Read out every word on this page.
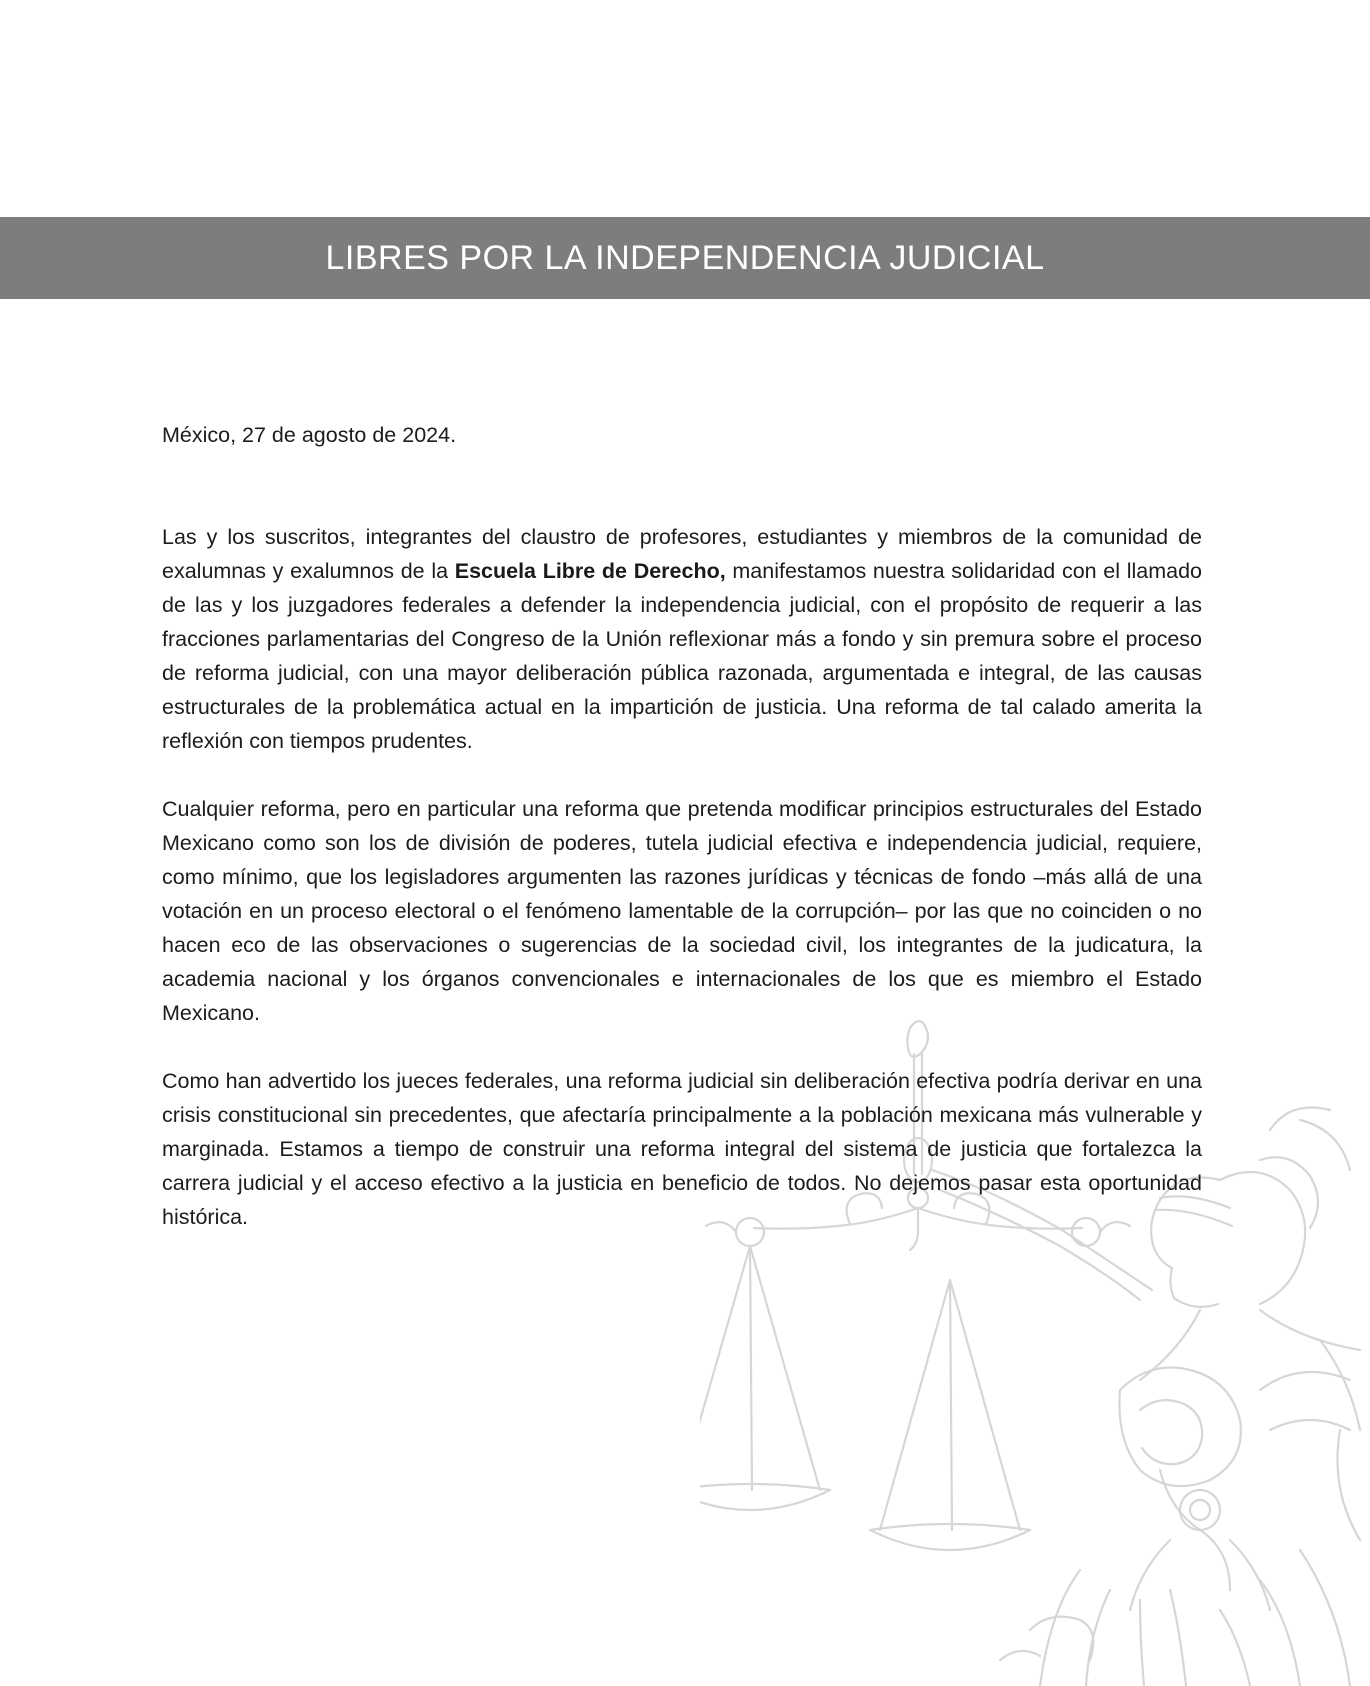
LIBRES POR LA INDEPENDENCIA JUDICIAL

México, 27 de agosto de 2024.

Las y los suscritos, integrantes del claustro de profesores, estudiantes y miembros de la comunidad de exalumnas y exalumnos de la Escuela Libre de Derecho, manifestamos nuestra solidaridad con el llamado de las y los juzgadores federales a defender la independencia judicial, con el propósito de requerir a las fracciones parlamentarias del Congreso de la Unión reflexionar más a fondo y sin premura sobre el proceso de reforma judicial, con una mayor deliberación pública razonada, argumentada e integral, de las causas estructurales de la problemática actual en la impartición de justicia. Una reforma de tal calado amerita la reflexión con tiempos prudentes.

Cualquier reforma, pero en particular una reforma que pretenda modificar principios estructurales del Estado Mexicano como son los de división de poderes, tutela judicial efectiva e independencia judicial, requiere, como mínimo, que los legisladores argumenten las razones jurídicas y técnicas de fondo –más allá de una votación en un proceso electoral o el fenómeno lamentable de la corrupción– por las que no coinciden o no hacen eco de las observaciones o sugerencias de la sociedad civil, los integrantes de la judicatura, la academia nacional y los órganos convencionales e internacionales de los que es miembro el Estado Mexicano.

Como han advertido los jueces federales, una reforma judicial sin deliberación efectiva podría derivar en una crisis constitucional sin precedentes, que afectaría principalmente a la población mexicana más vulnerable y marginada. Estamos a tiempo de construir una reforma integral del sistema de justicia que fortalezca la carrera judicial y el acceso efectivo a la justicia en beneficio de todos. No dejemos pasar esta oportunidad histórica.
